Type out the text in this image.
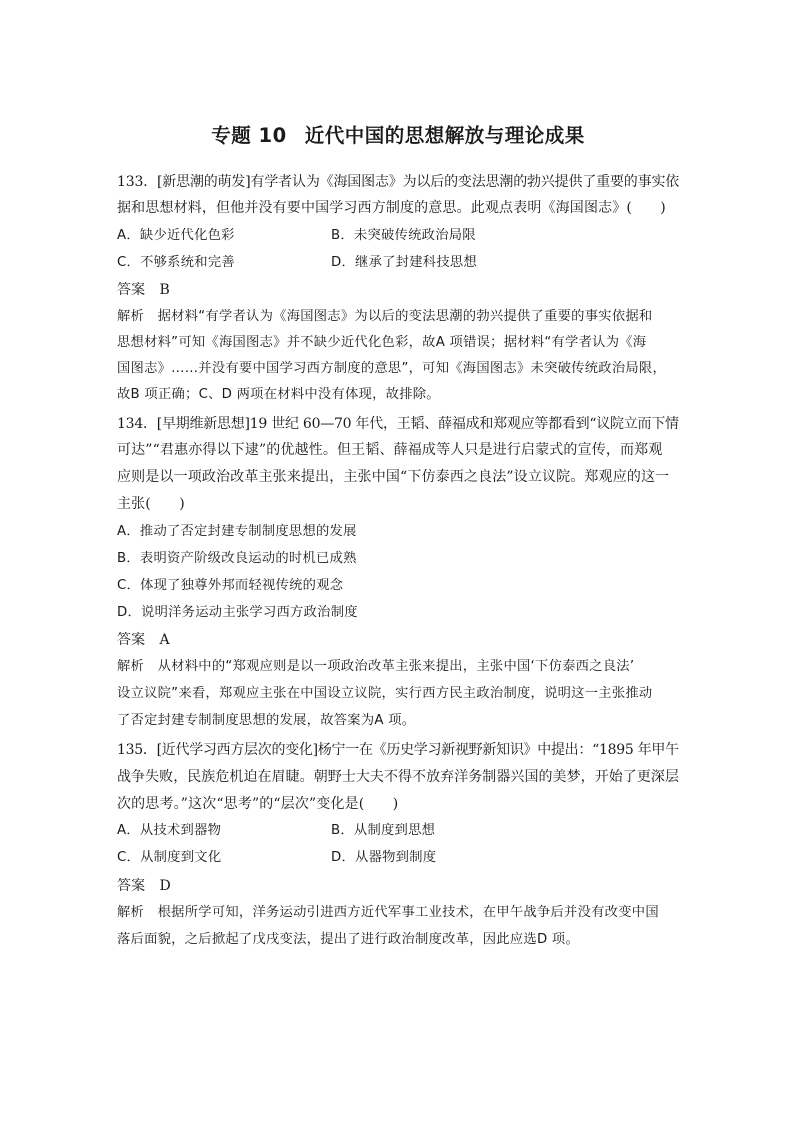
专题 10 近代中国的思想解放与理论成果
133．[新思潮的萌发]有学者认为《海国图志》为以后的变法思潮的勃兴提供了重要的事实依
据和思想材料，但他并没有要中国学习西方制度的意思。此观点表明《海国图志》(　　)
A．缺少近代化色彩	B．未突破传统政治局限
C．不够系统和完善	D．继承了封建科技思想
答案　B
解析　据材料“有学者认为《海国图志》为以后的变法思潮的勃兴提供了重要的事实依据和
思想材料”可知《海国图志》并不缺少近代化色彩，故A 项错误；据材料“有学者认为《海
国图志》……并没有要中国学习西方制度的意思”，可知《海国图志》未突破传统政治局限，
故B 项正确；C、D 两项在材料中没有体现，故排除。
134．[早期维新思想]19 世纪 60—70 年代，王韬、薛福成和郑观应等都看到“议院立而下情
可达”“君惠亦得以下逮”的优越性。但王韬、薛福成等人只是进行启蒙式的宣传，而郑观
应则是以一项政治改革主张来提出，主张中国“下仿泰西之良法”设立议院。郑观应的这一
主张(　　)
A．推动了否定封建专制制度思想的发展
B．表明资产阶级改良运动的时机已成熟
C．体现了独尊外邦而轻视传统的观念
D．说明洋务运动主张学习西方政治制度
答案　A
解析　从材料中的“郑观应则是以一项政治改革主张来提出，主张中国‘下仿泰西之良法’
设立议院”来看，郑观应主张在中国设立议院，实行西方民主政治制度，说明这一主张推动
了否定封建专制制度思想的发展，故答案为A 项。
135．[近代学习西方层次的变化]杨宁一在《历史学习新视野新知识》中提出：“1895 年甲午
战争失败，民族危机迫在眉睫。朝野士大夫不得不放弃洋务制器兴国的美梦，开始了更深层
次的思考。”这次“思考”的“层次”变化是(　　)
A．从技术到器物	B．从制度到思想
C．从制度到文化	D．从器物到制度
答案　D
解析　根据所学可知，洋务运动引进西方近代军事工业技术，在甲午战争后并没有改变中国
落后面貌，之后掀起了戊戌变法，提出了进行政治制度改革，因此应选D 项。
